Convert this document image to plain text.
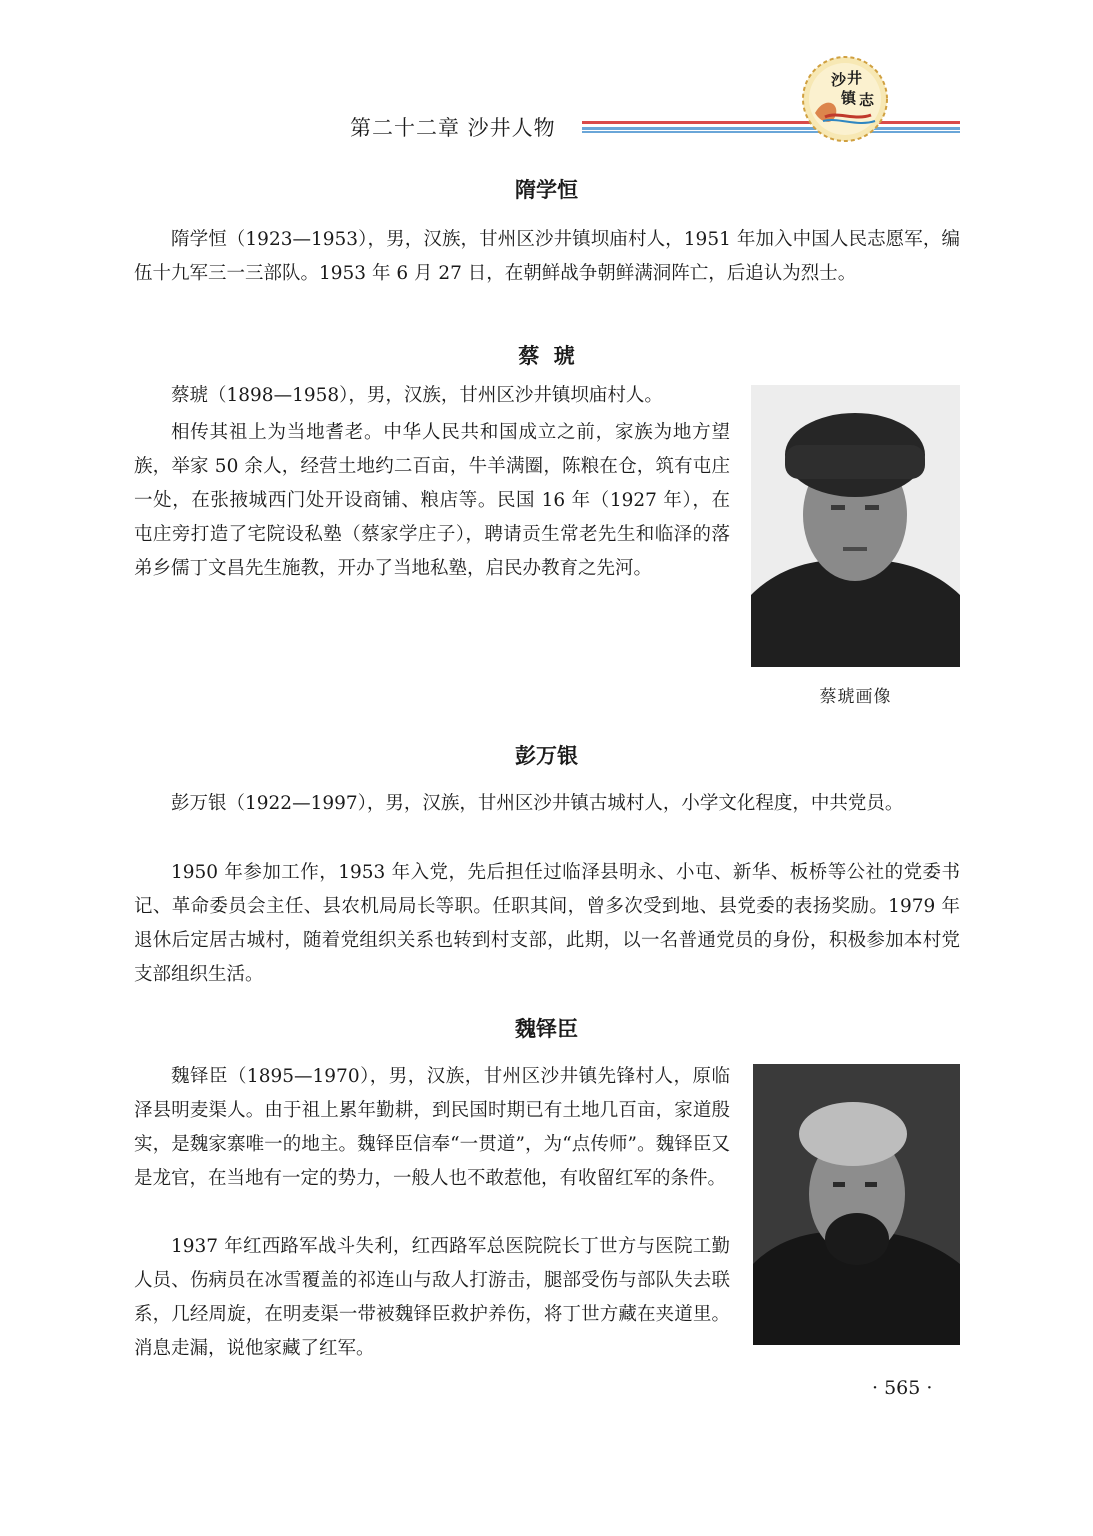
第二十二章 沙井人物
沙 井
镇 志
隋学恒
隋学恒（1923—1953），男，汉族，甘州区沙井镇坝庙村人，1951 年加入中国人民志愿军，编伍十九军三一三部队。1953 年 6 月 27 日，在朝鲜战争朝鲜满洞阵亡，后追认为烈士。
蔡  琥
蔡琥（1898—1958），男，汉族，甘州区沙井镇坝庙村人。
相传其祖上为当地耆老。中华人民共和国成立之前，家族为地方望族，举家 50 余人，经营土地约二百亩，牛羊满圈，陈粮在仓，筑有屯庄一处，在张掖城西门处开设商铺、粮店等。民国 16 年（1927 年），在屯庄旁打造了宅院设私塾（蔡家学庄子），聘请贡生常老先生和临泽的落弟乡儒丁文昌先生施教，开办了当地私塾，启民办教育之先河。
蔡琥画像
彭万银
彭万银（1922—1997），男，汉族，甘州区沙井镇古城村人，小学文化程度，中共党员。
1950 年参加工作，1953 年入党，先后担任过临泽县明永、小屯、新华、板桥等公社的党委书记、革命委员会主任、县农机局局长等职。任职其间，曾多次受到地、县党委的表扬奖励。1979 年退休后定居古城村，随着党组织关系也转到村支部，此期，以一名普通党员的身份，积极参加本村党支部组织生活。
魏铎臣
魏铎臣（1895—1970），男，汉族，甘州区沙井镇先锋村人，原临泽县明麦渠人。由于祖上累年勤耕，到民国时期已有土地几百亩，家道殷实，是魏家寨唯一的地主。魏铎臣信奉“一贯道”，为“点传师”。魏铎臣又是龙官，在当地有一定的势力，一般人也不敢惹他，有收留红军的条件。
1937 年红西路军战斗失利，红西路军总医院院长丁世方与医院工勤人员、伤病员在冰雪覆盖的祁连山与敌人打游击，腿部受伤与部队失去联系，几经周旋，在明麦渠一带被魏铎臣救护养伤，将丁世方藏在夹道里。消息走漏，说他家藏了红军。
· 565 ·
